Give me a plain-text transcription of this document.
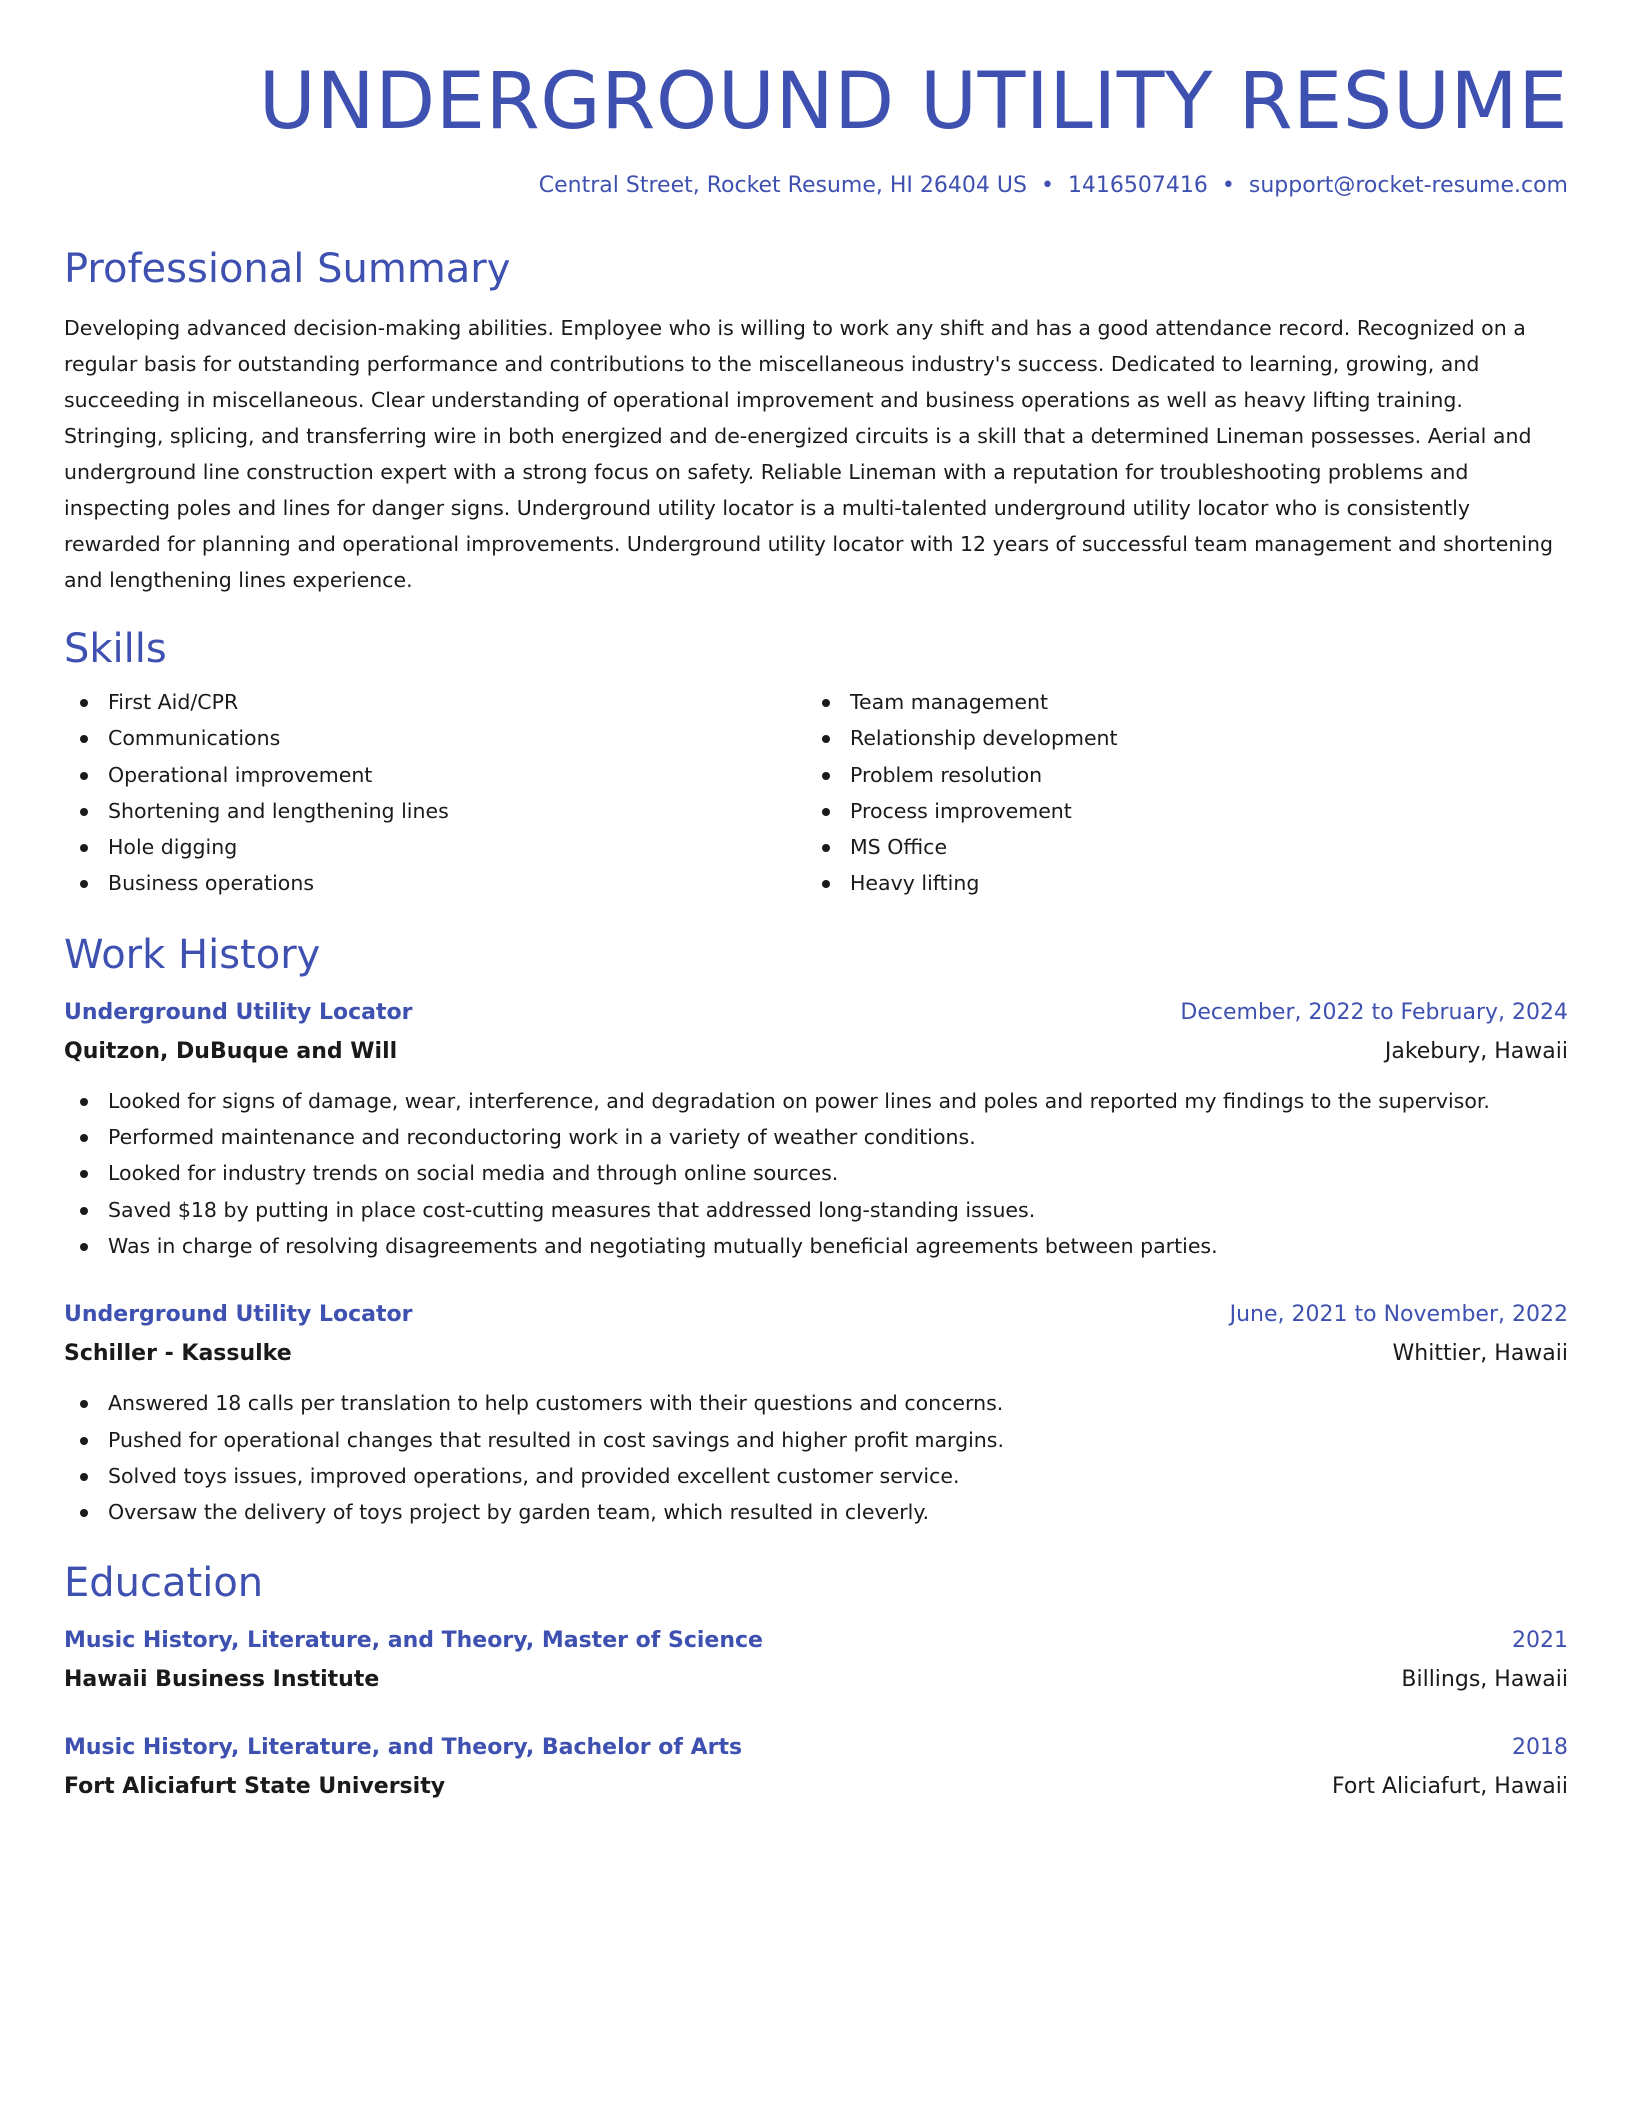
UNDERGROUND UTILITY RESUME
Central Street, Rocket Resume, HI 26404 US • 1416507416 • support@rocket-resume.com
Professional Summary

Developing advanced decision-making abilities. Employee who is willing to work any shift and has a good attendance record. Recognized on a regular basis for outstanding performance and contributions to the miscellaneous industry's success. Dedicated to learning, growing, and succeeding in miscellaneous. Clear understanding of operational improvement and business operations as well as heavy lifting training. Stringing, splicing, and transferring wire in both energized and de-energized circuits is a skill that a determined Lineman possesses. Aerial and underground line construction expert with a strong focus on safety. Reliable Lineman with a reputation for troubleshooting problems and inspecting poles and lines for danger signs. Underground utility locator is a multi-talented underground utility locator who is consistently rewarded for planning and operational improvements. Underground utility locator with 12 years of successful team management and shortening and lengthening lines experience.

Skills
First Aid/CPR
Communications
Operational improvement
Shortening and lengthening lines
Hole digging
Business operations
Team management
Relationship development
Problem resolution
Process improvement
MS Office
Heavy lifting
Work History
Underground Utility Locator	December, 2022 to February, 2024
Quitzon, DuBuque and Will	Jakebury, Hawaii
Looked for signs of damage, wear, interference, and degradation on power lines and poles and reported my findings to the supervisor.
Performed maintenance and reconductoring work in a variety of weather conditions.
Looked for industry trends on social media and through online sources.
Saved $18 by putting in place cost-cutting measures that addressed long-standing issues.
Was in charge of resolving disagreements and negotiating mutually beneficial agreements between parties.
Underground Utility Locator	June, 2021 to November, 2022
Schiller - Kassulke	Whittier, Hawaii
Answered 18 calls per translation to help customers with their questions and concerns.
Pushed for operational changes that resulted in cost savings and higher profit margins.
Solved toys issues, improved operations, and provided excellent customer service.
Oversaw the delivery of toys project by garden team, which resulted in cleverly.
Education
Music History, Literature, and Theory, Master of Science	2021
Hawaii Business Institute	Billings, Hawaii
Music History, Literature, and Theory, Bachelor of Arts	2018
Fort Aliciafurt State University	Fort Aliciafurt, Hawaii
